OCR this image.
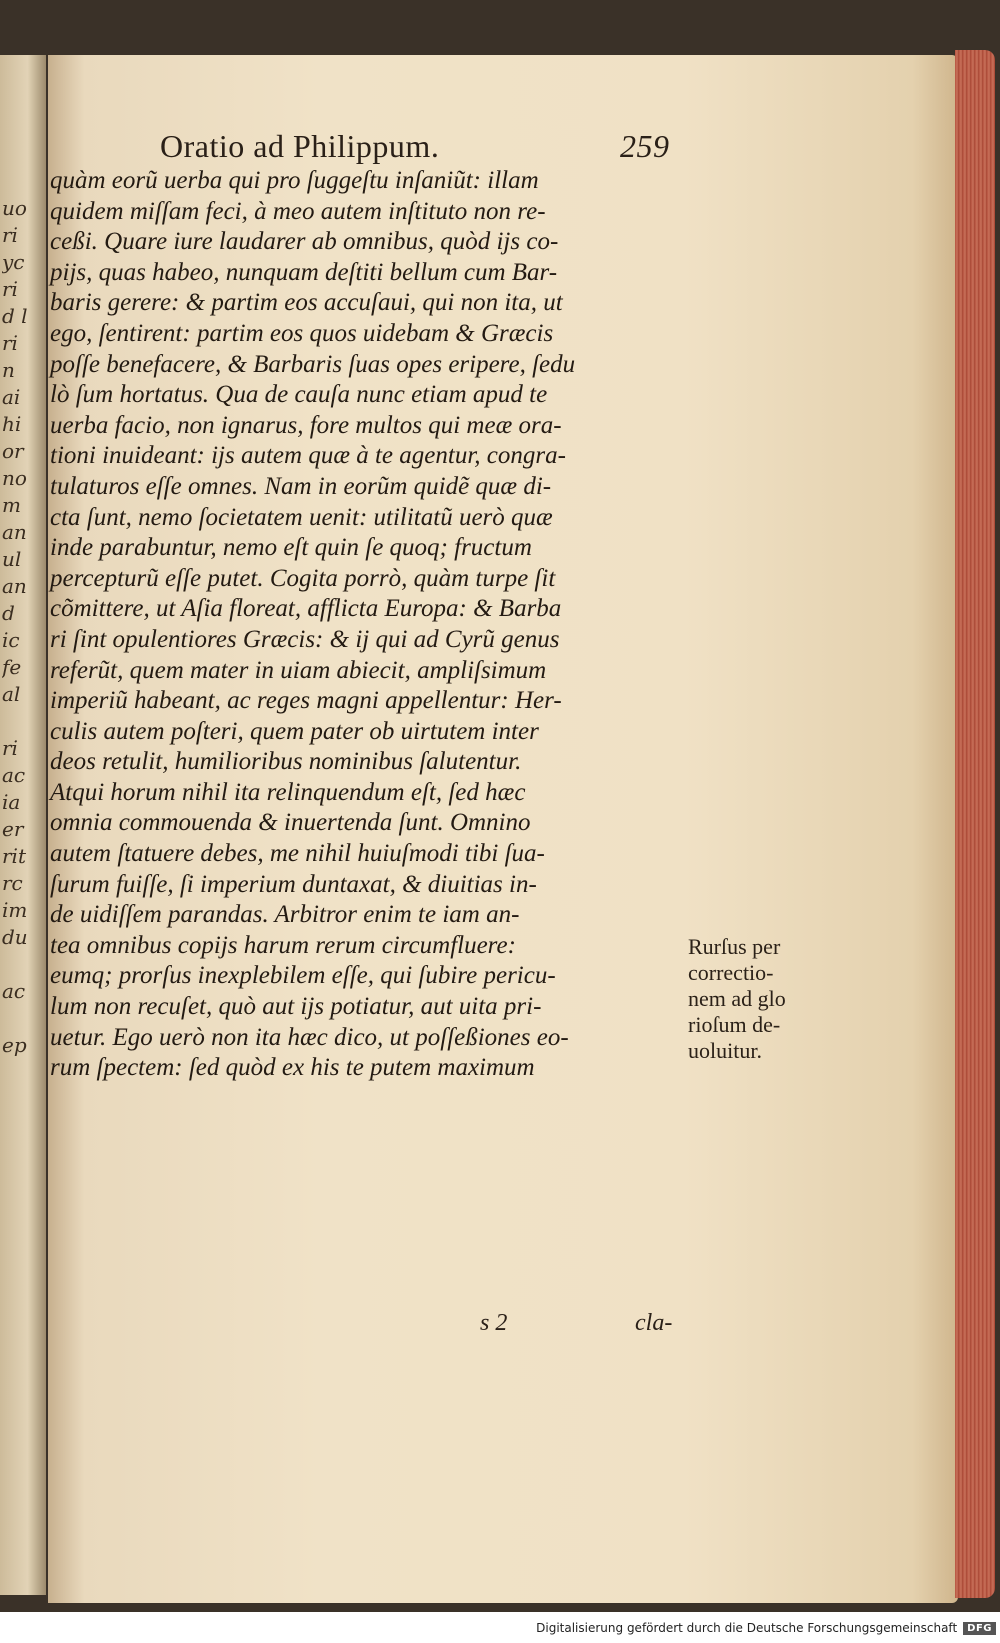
uo
ri
yc
ri
d l
ri
n
ai
hi
or
no
m
an
ul
an
d
ic
fe
al

ri
ac
ia
er
rit
rc
im
du

ac

ep
Oratio ad Philippum.	259
quàm eorũ uerba qui pro ſuggeſtu inſaniũt: illam
quidem miſſam feci, à meo autem inſtituto non re-
ceßi. Quare iure laudarer ab omnibus, quòd ijs co-
pijs, quas habeo, nunquam deſtiti bellum cum Bar-
baris gerere: & partim eos accuſaui, qui non ita, ut
ego, ſentirent: partim eos quos uidebam & Græcis
poſſe benefacere, & Barbaris ſuas opes eripere, ſedu
lò ſum hortatus. Qua de cauſa nunc etiam apud te
uerba facio, non ignarus, fore multos qui meæ ora-
tioni inuideant: ijs autem quæ à te agentur, congra-
tulaturos eſſe omnes. Nam in eorũm quidẽ quæ di-
cta ſunt, nemo ſocietatem uenit: utilitatũ uerò quæ
inde parabuntur, nemo eſt quin ſe quoq; fructum
percepturũ eſſe putet. Cogita porrò, quàm turpe ſit
cõmittere, ut Aſia floreat, afflicta Europa: & Barba
ri ſint opulentiores Græcis: & ij qui ad Cyrũ genus
referũt, quem mater in uiam abiecit, ampliſsimum
imperiũ habeant, ac reges magni appellentur: Her-
culis autem poſteri, quem pater ob uirtutem inter
deos retulit, humilioribus nominibus ſalutentur.
Atqui horum nihil ita relinquendum eſt, ſed hæc
omnia commouenda & inuertenda ſunt. Omnino
autem ſtatuere debes, me nihil huiuſmodi tibi ſua-
ſurum fuiſſe, ſi imperium duntaxat, & diuitias in-
de uidiſſem parandas. Arbitror enim te iam an-
tea omnibus copijs harum rerum circumfluere:
eumq; prorſus inexplebilem eſſe, qui ſubire pericu-
lum non recuſet, quò aut ijs potiatur, aut uita pri-
uetur. Ego uerò non ita hæc dico, ut poſſeßiones eo-
rum ſpectem: ſed quòd ex his te putem maximum
Rurſus per
correctio-
nem ad glo
rioſum de-
uoluitur.
s 2	cla-
Digitalisierung gefördert durch die Deutsche Forschungsgemeinschaft	DFG
